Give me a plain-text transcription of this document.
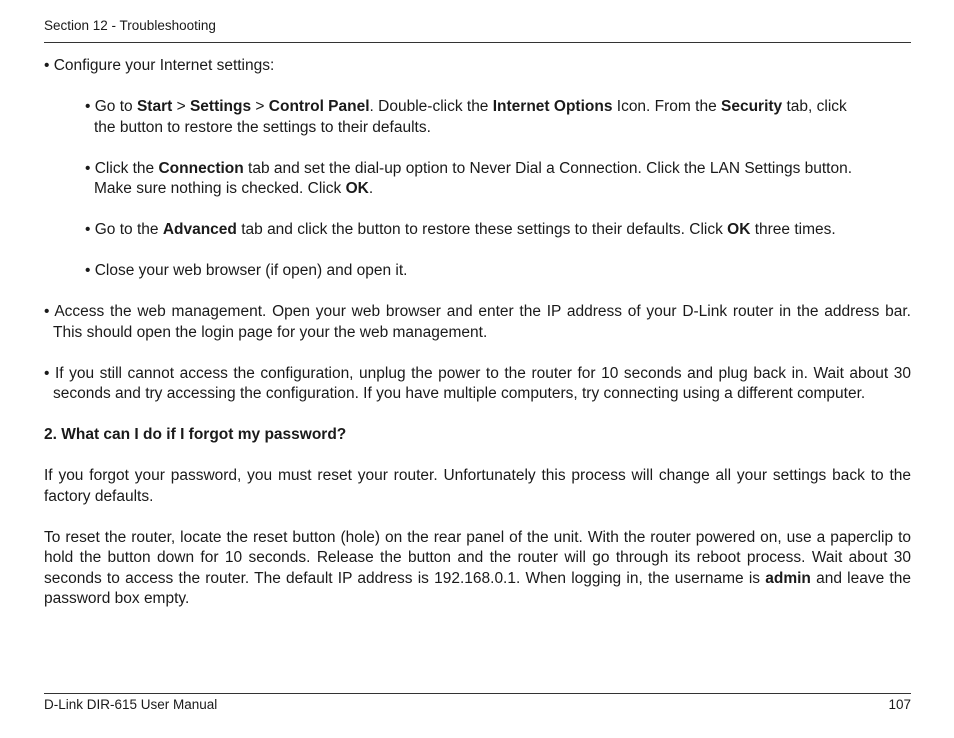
Section 12 - Troubleshooting
• Configure your Internet settings:
• Go to Start > Settings > Control Panel. Double-click the Internet Options Icon. From the Security tab, click the button to restore the settings to their defaults.
• Click the Connection tab and set the dial-up option to Never Dial a Connection. Click the LAN Settings button. Make sure nothing is checked. Click OK.
• Go to the Advanced tab and click the button to restore these settings to their defaults. Click OK three times.
• Close your web browser (if open) and open it.
• Access the web management. Open your web browser and enter the IP address of your D-Link router in the address bar. This should open the login page for your the web management.
• If you still cannot access the configuration, unplug the power to the router for 10 seconds and plug back in. Wait about 30 seconds and try accessing the configuration. If you have multiple computers, try connecting using a different computer.
2. What can I do if I forgot my password?
If you forgot your password, you must reset your router. Unfortunately this process will change all your settings back to the factory defaults.
To reset the router, locate the reset button (hole) on the rear panel of the unit. With the router powered on, use a paperclip to hold the button down for 10 seconds. Release the button and the router will go through its reboot process. Wait about 30 seconds to access the router. The default IP address is 192.168.0.1. When logging in, the username is admin and leave the password box empty.
D-Link DIR-615 User Manual	107
